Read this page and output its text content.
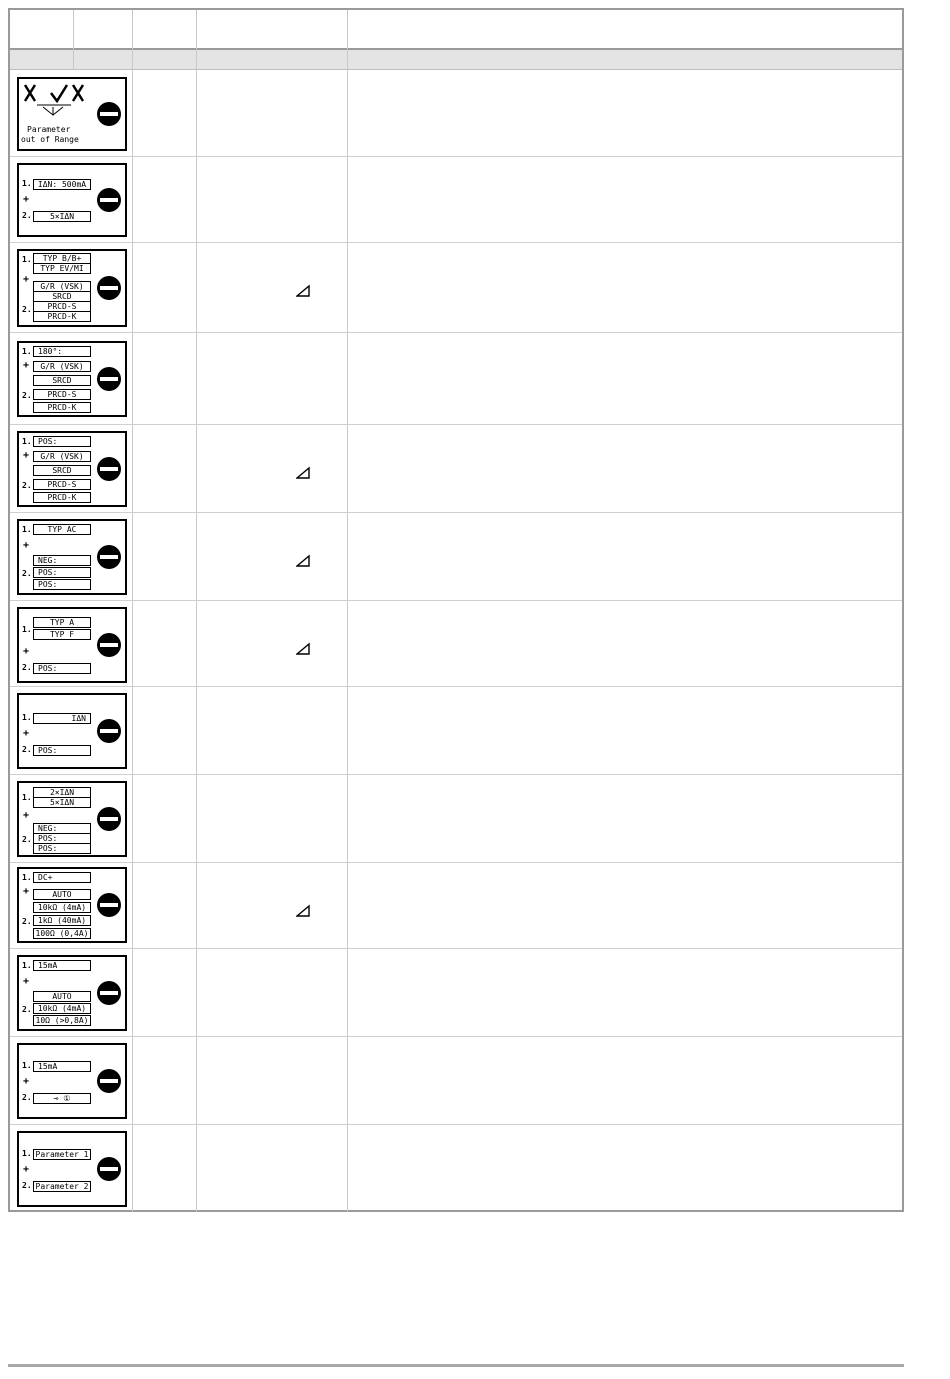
Parameter
out of Range
1. IΔN: 500mA
+
2.	5×IΔN
1.	TYP B/B+
TYP EV/MI
+
G/R (VSK)
SRCD
2.	PRCD-S
PRCD-K
1. 180°:
+	G/R (VSK)
SRCD
2.	PRCD-S
PRCD-K
1. POS:
+	G/R (VSK)
SRCD
2.	PRCD-S
PRCD-K
1.	TYP AC
+
2.
NEG:
POS:
POS:
1.
TYP A
TYP F
+
2. POS:
1.	IΔN
+
2. POS:
1.
2×IΔN
5×IΔN
+
2.
NEG:
POS:
POS:
1. DC+
+	AUTO
10kΩ (4mA)
2. 1kΩ (40mA)
100Ω (0,4A)
1. 15mA
+
AUTO
2. 10kΩ (4mA)
10Ω (>0,8A)
1. 15mA
+
2.	⊸ ①
1. Parameter 1
+
2. Parameter 2
